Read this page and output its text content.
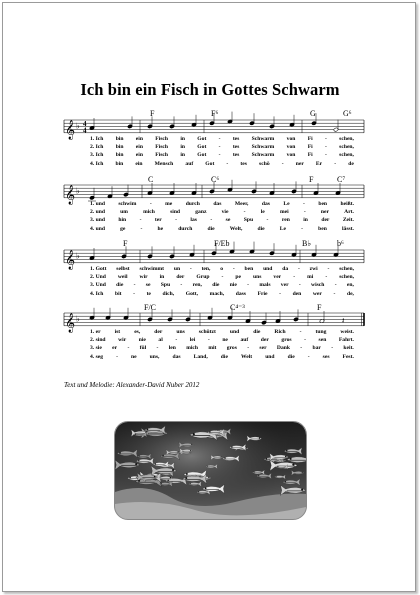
Ich bin ein Fisch in Gottes Schwarm
F	F⁶	G	G⁶
C	C⁶	F	C⁷
F	F/Eb	B♭	b⁶
F/C	C⁴⁻³	F
𝄞 ♭ 4
4
𝄞 ♭
𝄞 ♭
𝄞 ♭	𝄽
1. Ich bin ein Fisch in Got - tes Schwarm von Fi - schen,
2. Ich bin ein Fisch in Got - tes Schwarm von Fi - schen,
3. Ich bin ein Fisch in Got - tes Schwarm von Fi - schen,
4. Ich bin ein Mensch auf Got - tes schö - ner Er - de
1. und schwim - me durch das Meer, das Le - ben heißt.
2. und	um	mich	sind	ganz	vie	-	le	mei	-	ner	Art.
3. und hin - ter - las - se Spu - ren in der Zeit.
4. und	ge	-	he	durch	die	Welt,	die	Le	-	ben	lässt.
1. Gott selbst schwimmt un - ten, o - ben und da - zwi - schen,
2. Und weil wir in der Grup - pe uns ver - mi - schen,
3. Und die - se Spu - ren, die nie - mals ver - wisch - en,
4. Ich bit - te dich, Gott, mach, dass Frie - den wer - de,
1. er	ist	es,	der	uns	schützt	und	die	Rich	-	tung	weist.
2. sind wir nie al - lei - ne auf der gros - sen Fahrt.
3. sie er - fül - len mich mit gros - ser Dank - bar - keit.
4. seg - ne uns, das Land, die Welt und die - ses Fest.
Text und Melodie: Alexander-David Nuber 2012
